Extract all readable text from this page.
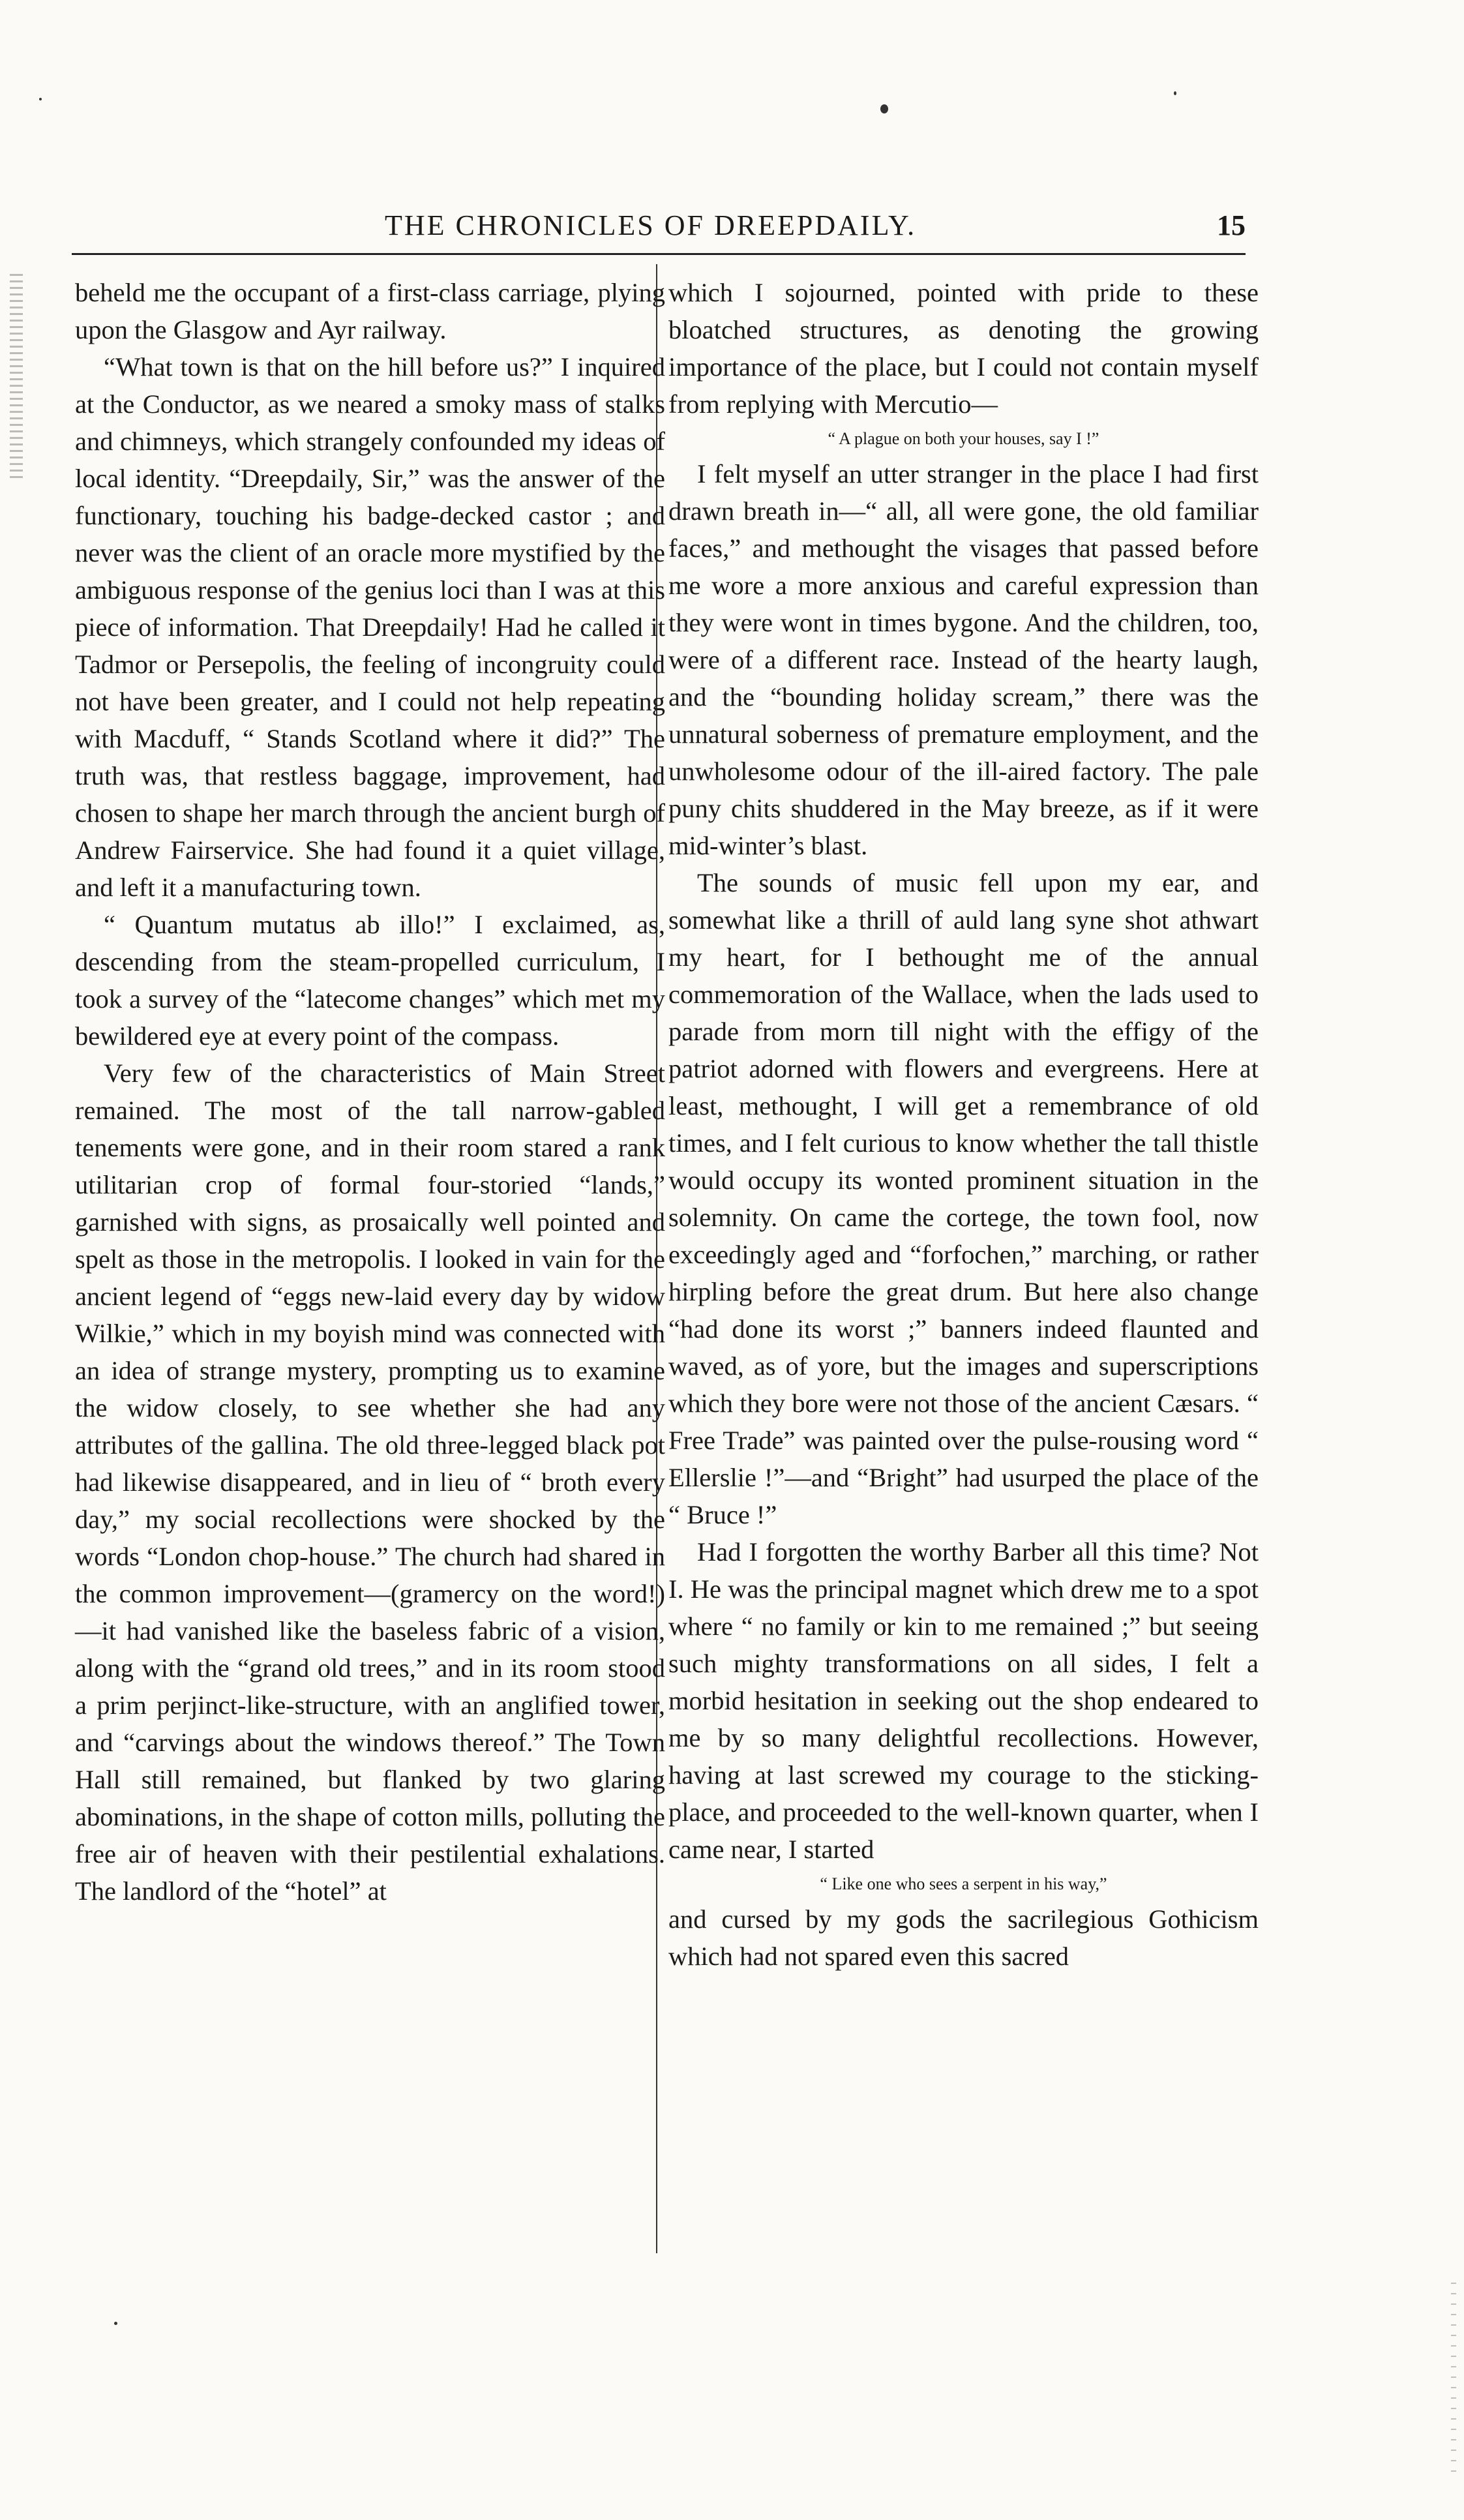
THE CHRONICLES OF DREEPDAILY.	15

beheld me the occupant of a first-class carriage, plying upon the Glasgow and Ayr railway.

“What town is that on the hill before us?” I inquired at the Conductor, as we neared a smoky mass of stalks and chimneys, which strangely confounded my ideas of local identity. “Dreepdaily, Sir,” was the answer of the functionary, touching his badge-decked castor ; and never was the client of an oracle more mystified by the ambiguous response of the genius loci than I was at this piece of information. That Dreepdaily! Had he called it Tadmor or Persepolis, the feeling of incongruity could not have been greater, and I could not help repeating with Macduff, “ Stands Scotland where it did?” The truth was, that restless baggage, improvement, had chosen to shape her march through the ancient burgh of Andrew Fairservice. She had found it a quiet village, and left it a manufacturing town.

“ Quantum mutatus ab illo!” I exclaimed, as, descending from the steam-propelled curriculum, I took a survey of the “latecome changes” which met my bewildered eye at every point of the compass.

Very few of the characteristics of Main Street remained. The most of the tall narrow-gabled tenements were gone, and in their room stared a rank utilitarian crop of formal four-storied “lands,” garnished with signs, as prosaically well pointed and spelt as those in the metropolis. I looked in vain for the ancient legend of “eggs new-laid every day by widow Wilkie,” which in my boyish mind was connected with an idea of strange mystery, prompting us to examine the widow closely, to see whether she had any attributes of the gallina. The old three-legged black pot had likewise disappeared, and in lieu of “ broth every day,” my social recollections were shocked by the words “London chop-house.” The church had shared in the common improvement—(gramercy on the word!)—it had vanished like the baseless fabric of a vision, along with the “grand old trees,” and in its room stood a prim perjinct-like-structure, with an anglified tower, and “carvings about the windows thereof.” The Town Hall still remained, but flanked by two glaring abominations, in the shape of cotton mills, polluting the free air of heaven with their pestilential exhalations. The landlord of the “hotel” at

which I sojourned, pointed with pride to these bloatched structures, as denoting the growing importance of the place, but I could not contain myself from replying with Mercutio—

“ A plague on both your houses, say I !”

I felt myself an utter stranger in the place I had first drawn breath in—“ all, all were gone, the old familiar faces,” and methought the visages that passed before me wore a more anxious and careful expression than they were wont in times bygone. And the children, too, were of a different race. Instead of the hearty laugh, and the “bounding holiday scream,” there was the unnatural soberness of premature employment, and the unwholesome odour of the ill-aired factory. The pale puny chits shuddered in the May breeze, as if it were mid-winter’s blast.

The sounds of music fell upon my ear, and somewhat like a thrill of auld lang syne shot athwart my heart, for I bethought me of the annual commemoration of the Wallace, when the lads used to parade from morn till night with the effigy of the patriot adorned with flowers and evergreens. Here at least, methought, I will get a remembrance of old times, and I felt curious to know whether the tall thistle would occupy its wonted prominent situation in the solemnity. On came the cortege, the town fool, now exceedingly aged and “forfochen,” marching, or rather hirpling before the great drum. But here also change “had done its worst ;” banners indeed flaunted and waved, as of yore, but the images and superscriptions which they bore were not those of the ancient Cæsars. “ Free Trade” was painted over the pulse-rousing word “ Ellerslie !”—and “Bright” had usurped the place of the “ Bruce !”

Had I forgotten the worthy Barber all this time? Not I. He was the principal magnet which drew me to a spot where “ no family or kin to me remained ;” but seeing such mighty transformations on all sides, I felt a morbid hesitation in seeking out the shop endeared to me by so many delightful recollections. However, having at last screwed my courage to the sticking-place, and proceeded to the well-known quarter, when I came near, I started

“ Like one who sees a serpent in his way,”

and cursed by my gods the sacrilegious Gothicism which had not spared even this sacred
